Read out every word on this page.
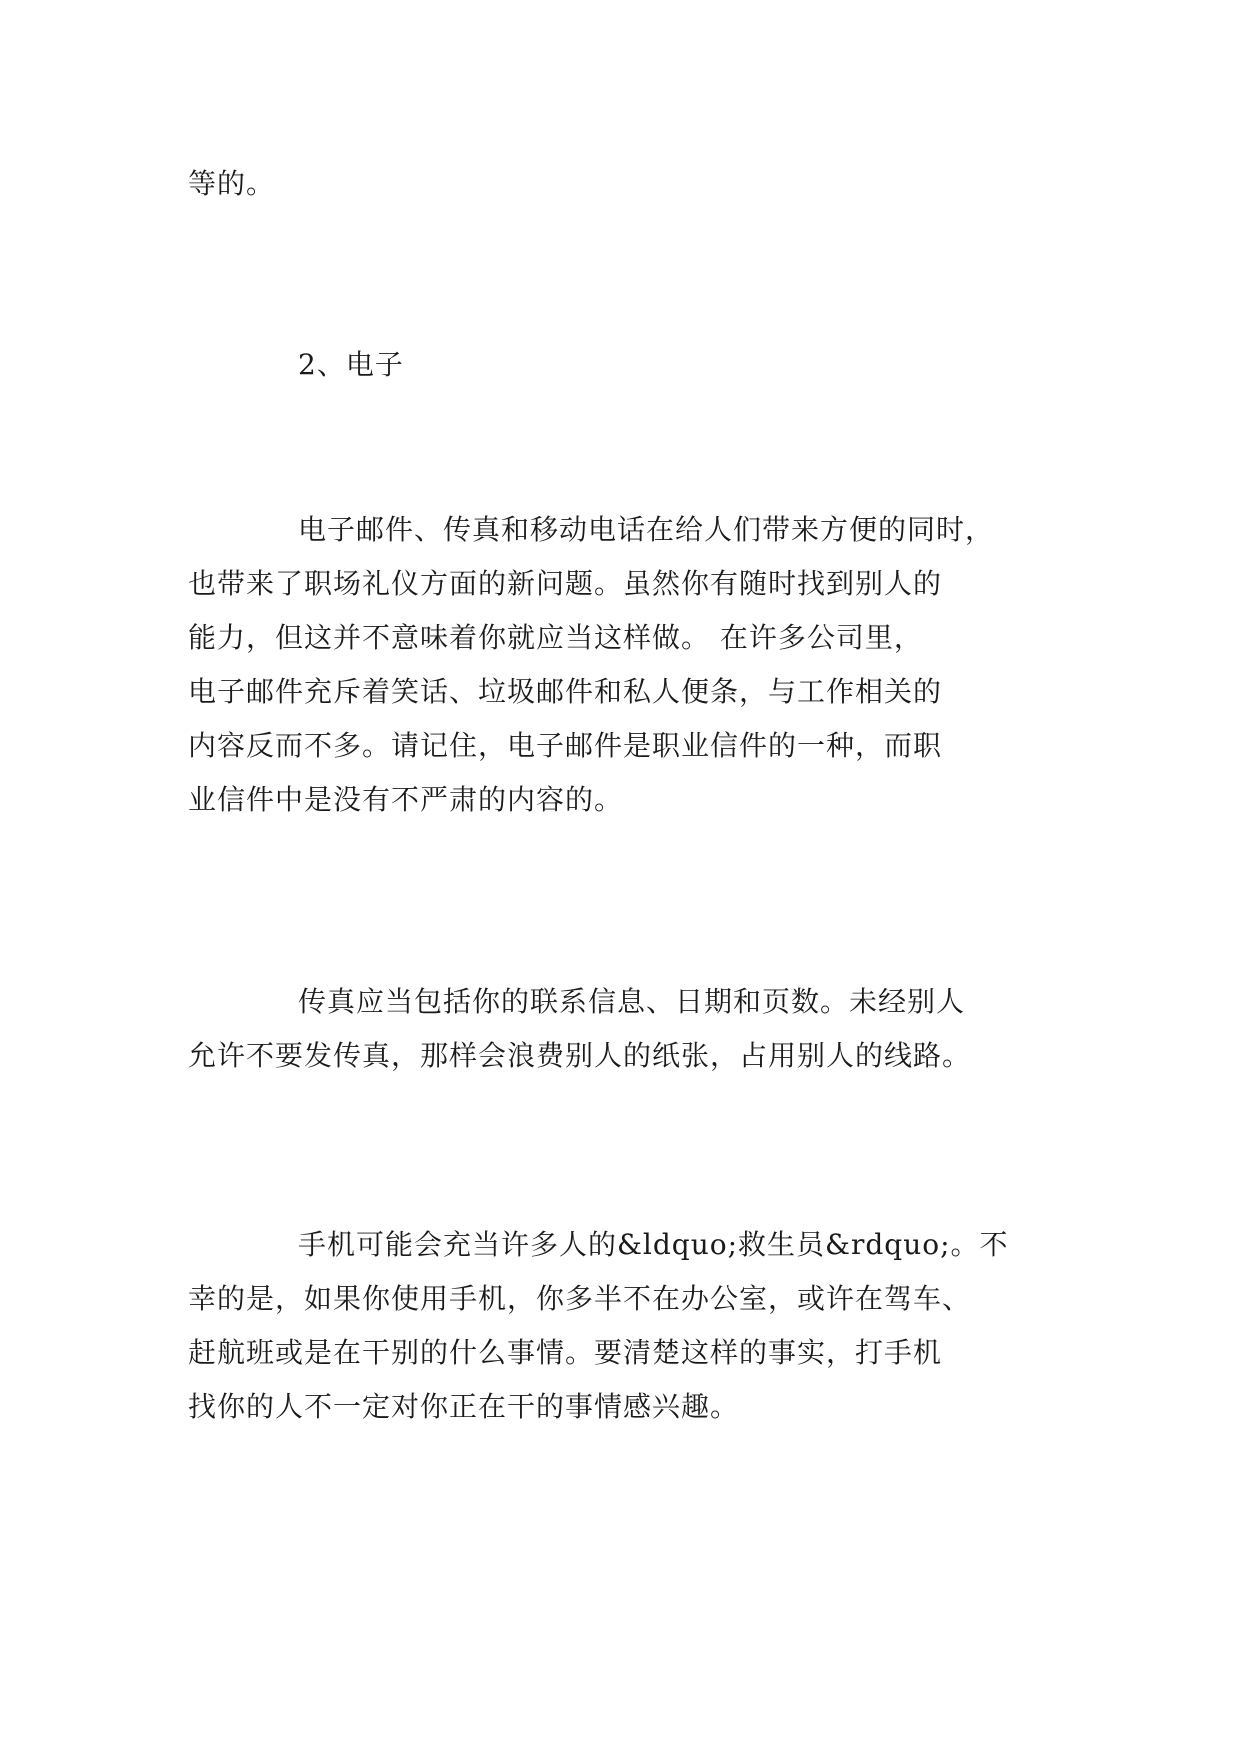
等的。
2、电子
电子邮件、传真和移动电话在给人们带来方便的同时，
也带来了职场礼仪方面的新问题。虽然你有随时找到别人的
能力，但这并不意味着你就应当这样做。 在许多公司里，
电子邮件充斥着笑话、垃圾邮件和私人便条，与工作相关的
内容反而不多。请记住，电子邮件是职业信件的一种，而职
业信件中是没有不严肃的内容的。
传真应当包括你的联系信息、日期和页数。未经别人
允许不要发传真，那样会浪费别人的纸张，占用别人的线路。
手机可能会充当许多人的&ldquo;救生员&rdquo;。不
幸的是，如果你使用手机，你多半不在办公室，或许在驾车、
赶航班或是在干别的什么事情。要清楚这样的事实，打手机
找你的人不一定对你正在干的事情感兴趣。
